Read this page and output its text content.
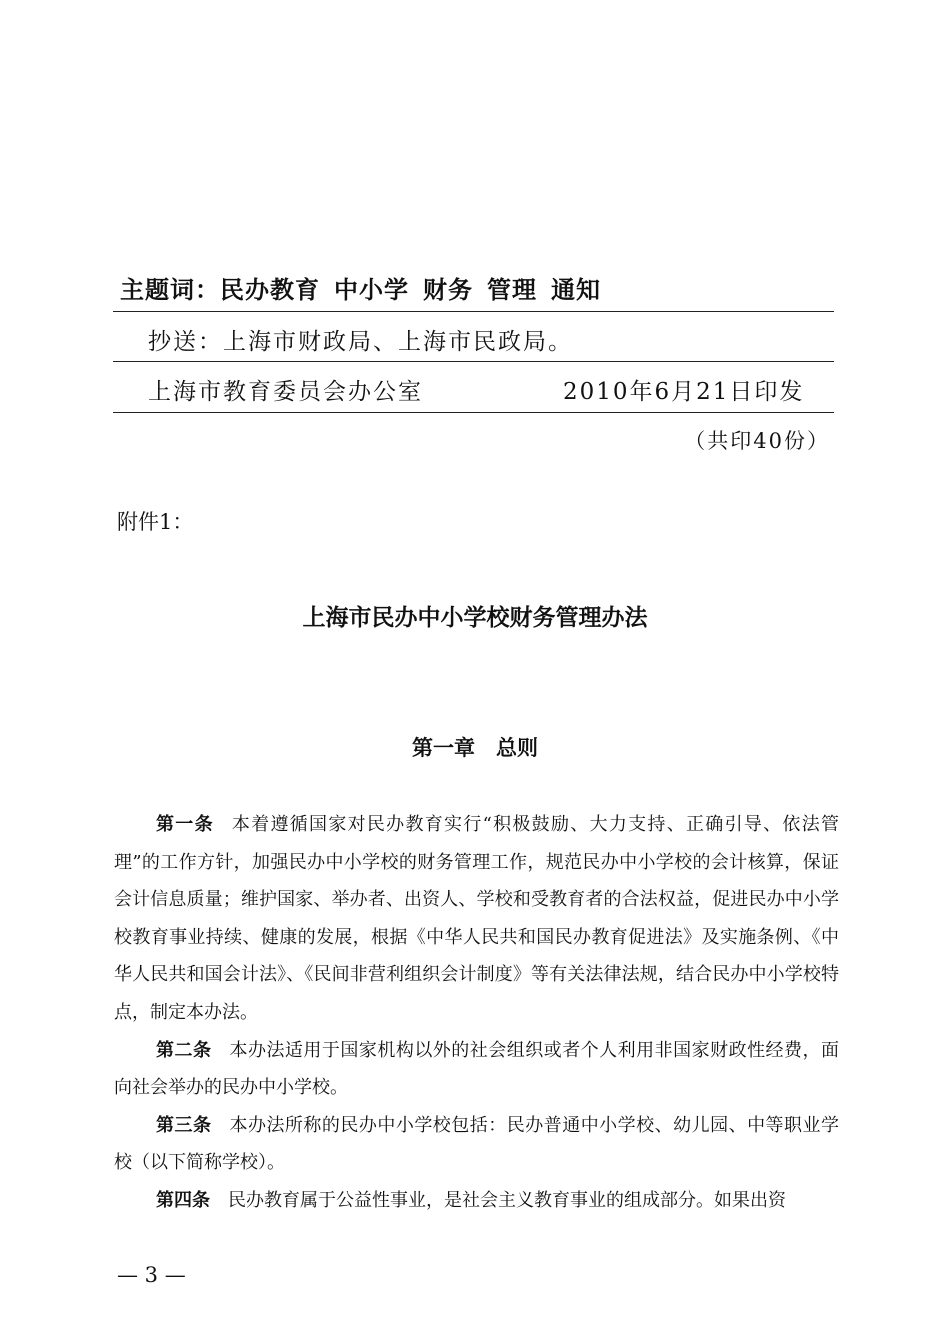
主题词：民办教育 中小学 财务 管理 通知
抄送：上海市财政局、上海市民政局。
上海市教育委员会办公室	2010年6月21日印发
（共印40份）
附件1：
上海市民办中小学校财务管理办法
第一章　总则

第一条 本着遵循国家对民办教育实行“积极鼓励、大力支持、正确引导、依法管理”的工作方针，加强民办中小学校的财务管理工作，规范民办中小学校的会计核算，保证会计信息质量；维护国家、举办者、出资人、学校和受教育者的合法权益，促进民办中小学校教育事业持续、健康的发展，根据《中华人民共和国民办教育促进法》及实施条例、《中华人民共和国会计法》、《民间非营利组织会计制度》等有关法律法规，结合民办中小学校特点，制定本办法。

第二条 本办法适用于国家机构以外的社会组织或者个人利用非国家财政性经费，面向社会举办的民办中小学校。

第三条 本办法所称的民办中小学校包括：民办普通中小学校、幼儿园、中等职业学校（以下简称学校）。

第四条 民办教育属于公益性事业，是社会主义教育事业的组成部分。如果出资

— 3 —
